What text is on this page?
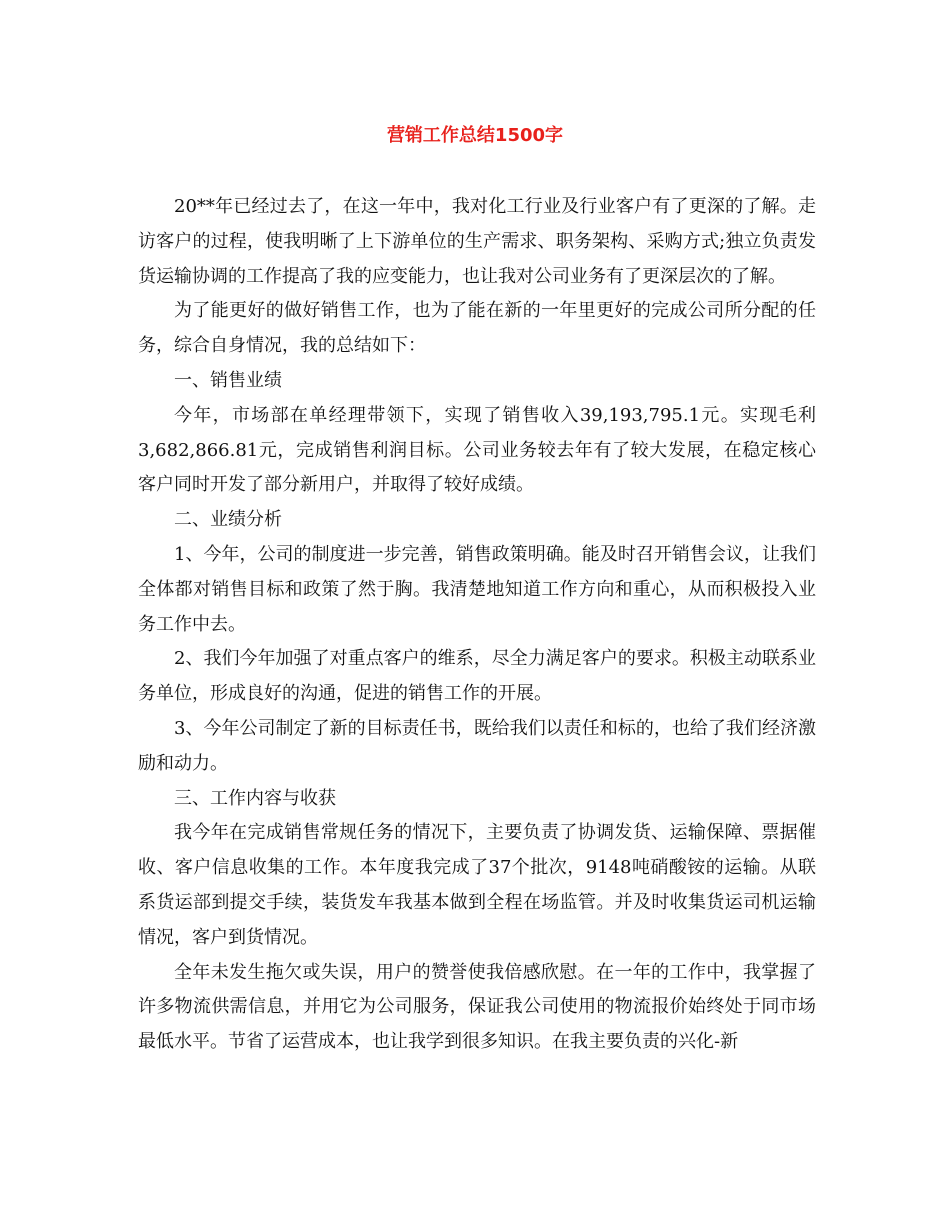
营销工作总结1500字

20**年已经过去了，在这一年中，我对化工行业及行业客户有了更深的了解。走访客户的过程，使我明晰了上下游单位的生产需求、职务架构、采购方式;独立负责发货运输协调的工作提高了我的应变能力，也让我对公司业务有了更深层次的了解。

为了能更好的做好销售工作，也为了能在新的一年里更好的完成公司所分配的任务，综合自身情况，我的总结如下：

一、销售业绩

今年，市场部在单经理带领下，实现了销售收入39,193,795.1元。实现毛利3,682,866.81元，完成销售利润目标。公司业务较去年有了较大发展，在稳定核心客户同时开发了部分新用户，并取得了较好成绩。

二、业绩分析

1、今年，公司的制度进一步完善，销售政策明确。能及时召开销售会议，让我们全体都对销售目标和政策了然于胸。我清楚地知道工作方向和重心，从而积极投入业务工作中去。

2、我们今年加强了对重点客户的维系，尽全力满足客户的要求。积极主动联系业务单位，形成良好的沟通，促进的销售工作的开展。

3、今年公司制定了新的目标责任书，既给我们以责任和标的，也给了我们经济激励和动力。

三、工作内容与收获

我今年在完成销售常规任务的情况下，主要负责了协调发货、运输保障、票据催收、客户信息收集的工作。本年度我完成了37个批次，9148吨硝酸铵的运输。从联系货运部到提交手续，装货发车我基本做到全程在场监管。并及时收集货运司机运输情况，客户到货情况。

全年未发生拖欠或失误，用户的赞誉使我倍感欣慰。在一年的工作中，我掌握了许多物流供需信息，并用它为公司服务，保证我公司使用的物流报价始终处于同市场最低水平。节省了运营成本，也让我学到很多知识。在我主要负责的兴化-新
